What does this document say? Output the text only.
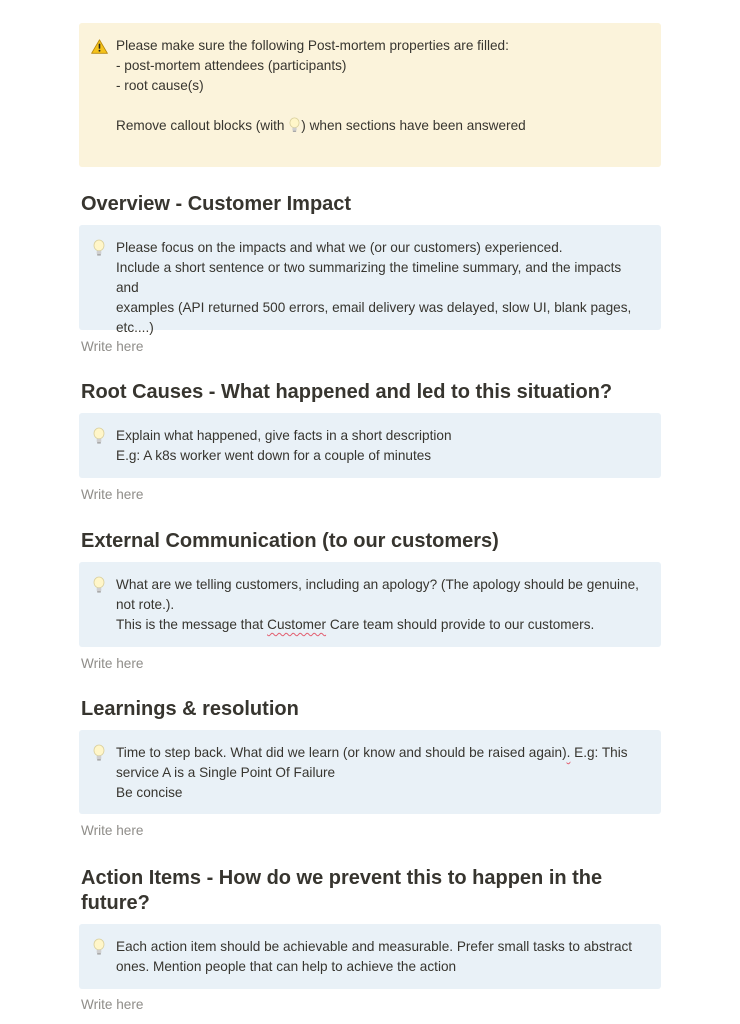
Please make sure the following Post-mortem properties are filled:
- post-mortem attendees (participants)
- root cause(s)
Remove callout blocks (with ) when sections have been answered
Overview - Customer Impact
Please focus on the impacts and what we (or our customers) experienced.
Include a short sentence or two summarizing the timeline summary, and the impacts and
examples (API returned 500 errors, email delivery was delayed, slow UI, blank pages,
etc....)
Write here
Root Causes - What happened and led to this situation?
Explain what happened, give facts in a short description
E.g: A k8s worker went down for a couple of minutes
Write here
External Communication (to our customers)
What are we telling customers, including an apology? (The apology should be genuine,
not rote.).
This is the message that Customer Care team should provide to our customers.
Write here
Learnings & resolution
Time to step back. What did we learn (or know and should be raised again). E.g: This
service A is a Single Point Of Failure
Be concise
Write here
Action Items - How do we prevent this to happen in the future?
Each action item should be achievable and measurable. Prefer small tasks to abstract
ones. Mention people that can help to achieve the action
Write here
